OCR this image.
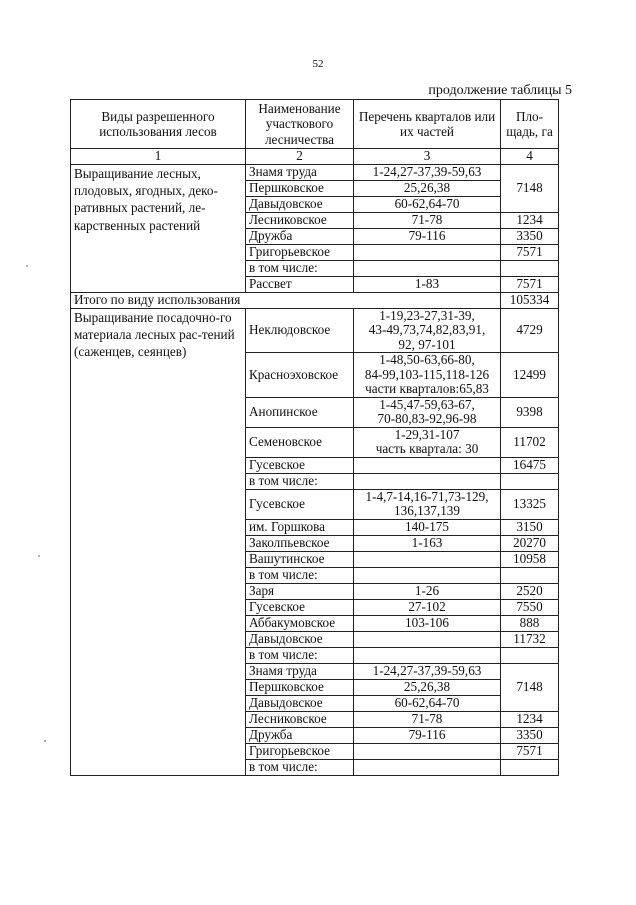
52
продолжение таблицы 5
Виды разрешенного использования лесов	Наименование участкового лесничества	Перечень кварталов или их частей	Пло-щадь, га
1	2	3	4
Выращивание лесных, плодовых, ягодных, деко-ративных растений, ле-карственных растений	Знамя труда	1-24,27-37,39-59,63	7148
	Першковское	25,26,38	
	Давыдовское	60-62,64-70	
	Лесниковское	71-78	1234
	Дружба	79-116	3350
	Григорьевское		7571
	в том числе:		
	Рассвет	1-83	7571
Итого по виду использования			105334
Выращивание посадочно-го материала лесных рас-тений (саженцев, сеянцев)	Неклюдовское	1-19,23-27,31-39,
43-49,73,74,82,83,91,
92, 97-101	4729
	Красноэховское	1-48,50-63,66-80,
84-99,103-115,118-126
части кварталов:65,83	12499
	Анопинское	1-45,47-59,63-67,
70-80,83-92,96-98	9398
	Семеновское	1-29,31-107
часть квартала: 30	11702
	Гусевское		16475
	в том числе:		
	Гусевское	1-4,7-14,16-71,73-129,
136,137,139	13325
	им. Горшкова	140-175	3150
	Заколпьевское	1-163	20270
	Вашутинское		10958
	в том числе:		
	Заря	1-26	2520
	Гусевское	27-102	7550
	Аббакумовское	103-106	888
	Давыдовское		11732
	в том числе:		
	Знамя труда	1-24,27-37,39-59,63	7148
	Першковское	25,26,38	
	Давыдовское	60-62,64-70	
	Лесниковское	71-78	1234
	Дружба	79-116	3350
	Григорьевское		7571
	в том числе:		
